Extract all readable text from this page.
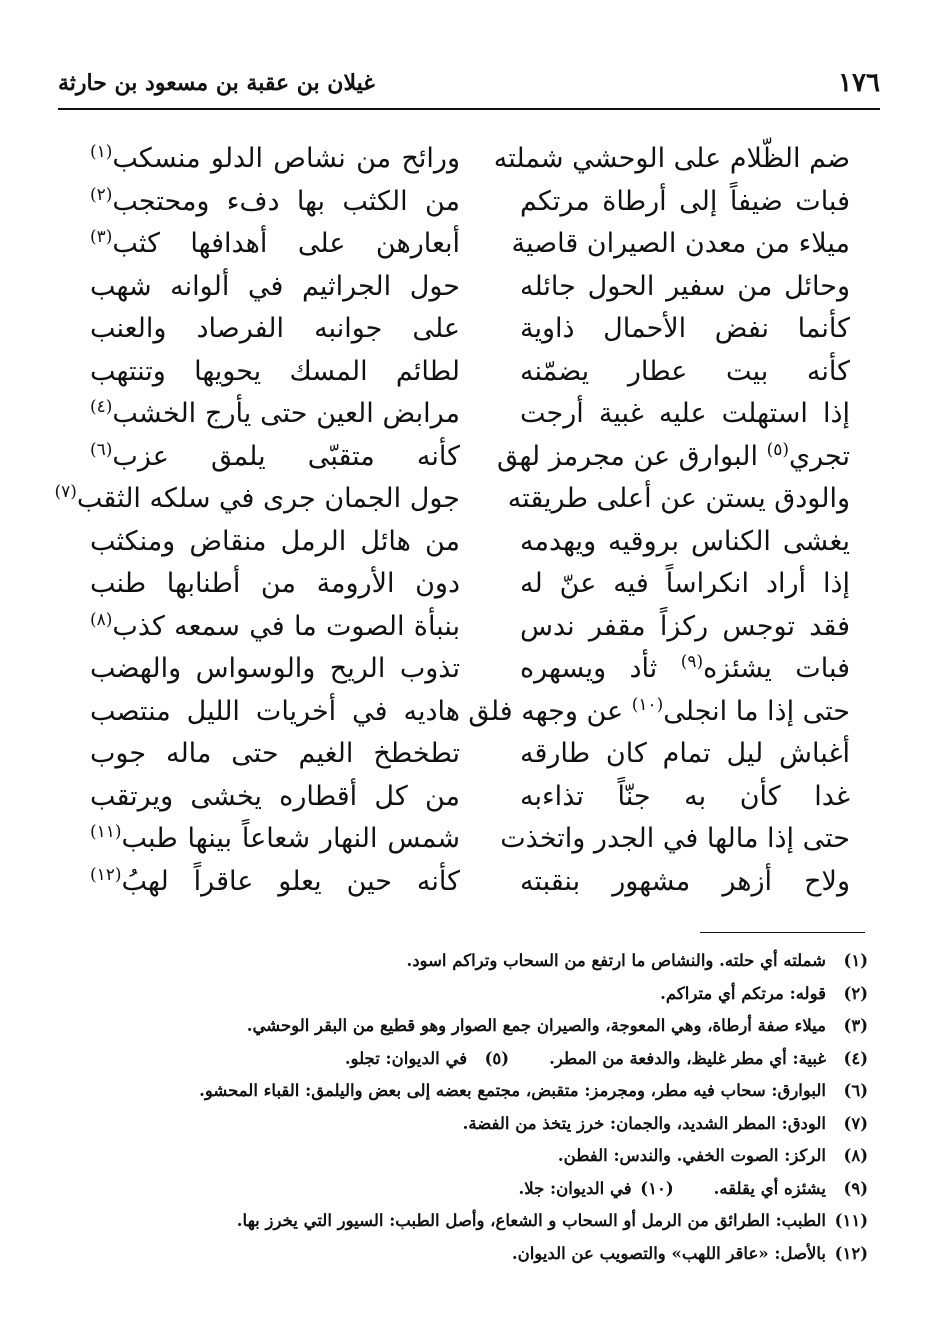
١٧٦
غيلان بن عقبة بن مسعود بن حارثة
ضم الظّلام على الوحشي شملته
ورائح من نشاص الدلو منسكب$^{(١)}$
فبات ضيفاً إلى أرطاة مرتكم
من الكثب بها دفء ومحتجب$^{(٢)}$
ميلاء من معدن الصيران قاصية
أبعارهن على أهدافها كثب$^{(٣)}$
وحائل من سفير الحول جائله
حول الجراثيم في ألوانه شهب
كأنما نفض الأحمال ذاوية
على جوانبه الفرصاد والعنب
كأنه بيت عطار يضمّنه
لطائم المسك يحويها وتنتهب
إذا استهلت عليه غبية أرجت
مرابض العين حتى يأرج الخشب$^{(٤)}$
تجري$^{(٥)}$ البوارق عن مجرمز لهق
كأنه متقبّى يلمق عزب$^{(٦)}$
والودق يستن عن أعلى طريقته
جول الجمان جرى في سلكه الثقب$^{(٧)}$
يغشى الكناس بروقيه ويهدمه
من هائل الرمل منقاض ومنكثب
إذا أراد انكراساً فيه عنّ له
دون الأرومة من أطنابها طنب
فقد توجس ركزاً مقفر ندس
بنبأة الصوت ما في سمعه كذب$^{(٨)}$
فبات يشئزه$^{(٩)}$ ثأد ويسهره
تذوب الريح والوسواس والهضب
حتى إذا ما انجلى$^{(١٠)}$ عن وجهه فلق
هاديه في أخريات الليل منتصب
أغباش ليل تمام كان طارقه
تطخطخ الغيم حتى ماله جوب
غدا كأن به جنّاً تذاءبه
من كل أقطاره يخشى ويرتقب
حتى إذا مالها في الجدر واتخذت
شمس النهار شعاعاً بينها طبب$^{(١١)}$
ولاح أزهر مشهور بنقبته
كأنه حين يعلو عاقراً لهبُ$^{(١٢)}$
(١)شملته أي حلته. والنشاص ما ارتفع من السحاب وتراكم اسود.
(٢)قوله: مرتكم أي متراكم.
(٣)ميلاء صفة أرطاة، وهي المعوجة، والصيران جمع الصوار وهو قطيع من البقر الوحشي.
(٤)غبية: أي مطر غليظ، والدفعة من المطر.(٥)في الديوان: تجلو.
(٦)البوارق: سحاب فيه مطر، ومجرمز: متقبض، مجتمع بعضه إلى بعض واليلمق: القباء المحشو.
(٧)الودق: المطر الشديد، والجمان: خرز يتخذ من الفضة.
(٨)الركز: الصوت الخفي. والندس: الفطن.
(٩)يشئزه أي يقلقه.(١٠)في الديوان: جلا.
(١١)الطبب: الطرائق من الرمل أو السحاب و الشعاع، وأصل الطبب: السيور التي يخرز بها.
(١٢)بالأصل: «عاقر اللهب» والتصويب عن الديوان.
